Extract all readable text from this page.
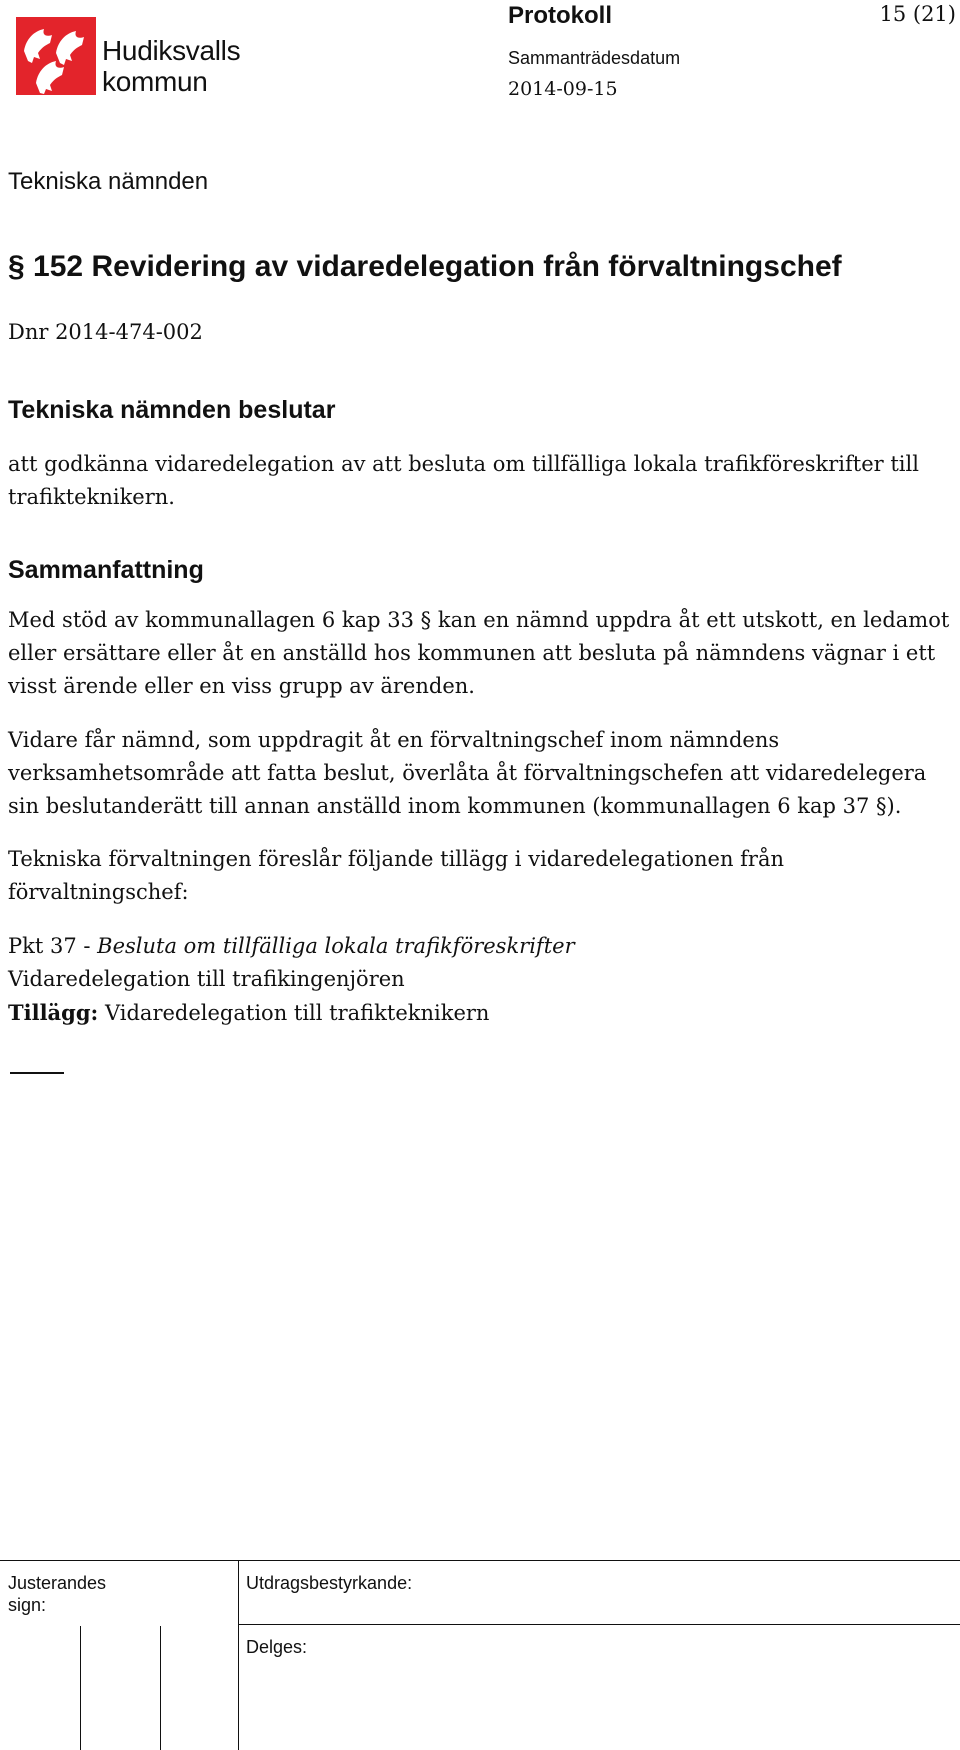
Hudiksvalls
kommun
Protokoll	15 (21)
Sammanträdesdatum
2014-09-15
Tekniska nämnden
§ 152 Revidering av vidaredelegation från förvaltningschef
Dnr 2014-474-002
Tekniska nämnden beslutar

att godkänna vidaredelegation av att besluta om tillfälliga lokala trafikföreskrifter till trafikteknikern.

Sammanfattning

Med stöd av kommunallagen 6 kap 33 § kan en nämnd uppdra åt ett utskott, en ledamot eller ersättare eller åt en anställd hos kommunen att besluta på nämndens vägnar i ett visst ärende eller en viss grupp av ärenden.

Vidare får nämnd, som uppdragit åt en förvaltningschef inom nämndens verksamhetsområde att fatta beslut, överlåta åt förvaltningschefen att vidaredelegera sin beslutanderätt till annan anställd inom kommunen (kommunallagen 6 kap 37 §).

Tekniska förvaltningen föreslår följande tillägg i vidaredelegationen från förvaltningschef:

Pkt 37 - Besluta om tillfälliga lokala trafikföreskrifter
Vidaredelegation till trafikingenjören
Tillägg: Vidaredelegation till trafikteknikern
Justerandes
sign:
Utdragsbestyrkande:
Delges:
